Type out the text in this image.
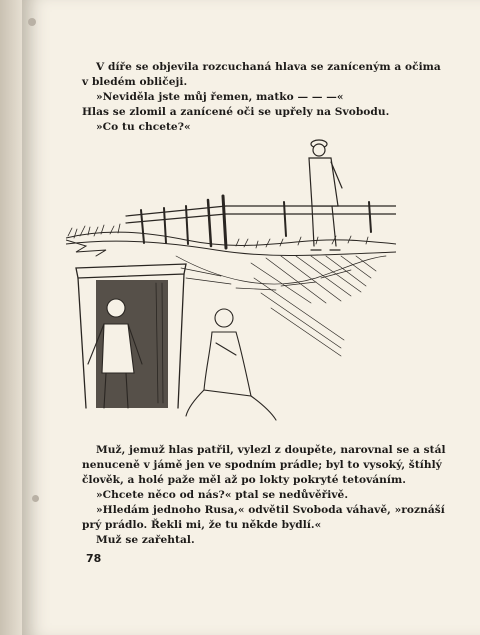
V díře se objevila rozcuchaná hlava se zaníceným a očima

v bledém obličeji.

»Neviděla jste můj řemen, matko — — —«

Hlas se zlomil a zanícené oči se upřely na Svobodu.

»Co tu chcete?«

Muž, jemuž hlas patřil, vylezl z doupěte, narovnal se a stál

nenuceně v jámě jen ve spodním prádle; byl to vysoký, štíhlý

člověk, a holé paže měl až po lokty pokryté tetováním.

»Chcete něco od nás?« ptal se nedůvěřivě.

»Hledám jednoho Rusa,« odvětil Svoboda váhavě, »roznáší

prý prádlo. Řekli mi, že tu někde bydlí.«

Muž se zařehtal.

78
